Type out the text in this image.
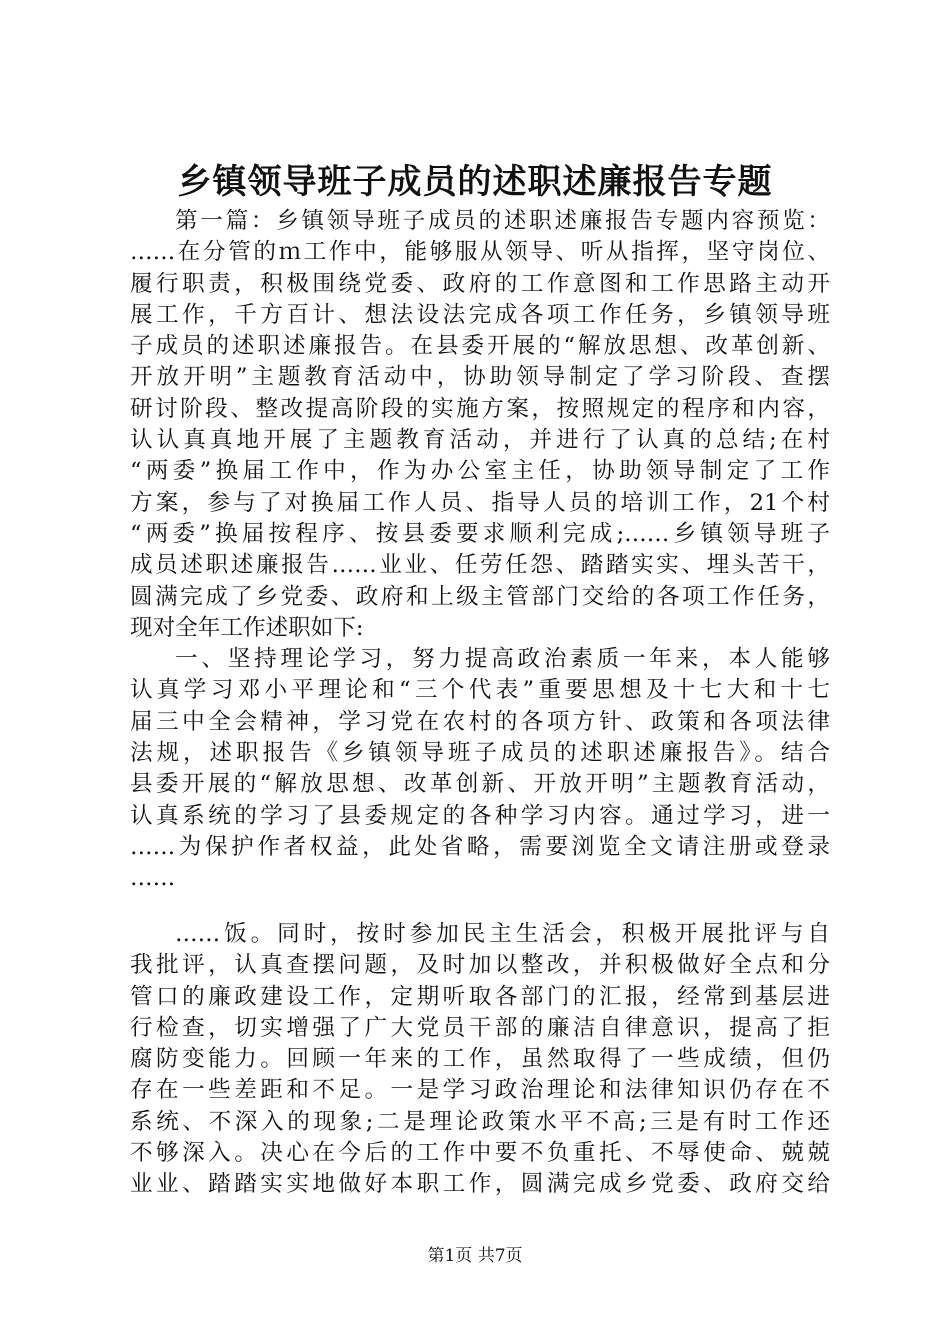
乡镇领导班子成员的述职述廉报告专题
第一篇：乡镇领导班子成员的述职述廉报告专题内容预览：
……在分管的ｍ工作中，能够服从领导、听从指挥，坚守岗位、
履行职责，积极围绕党委、政府的工作意图和工作思路主动开
展工作，千方百计、想法设法完成各项工作任务，乡镇领导班
子成员的述职述廉报告。在县委开展的“解放思想、改革创新、
开放开明”主题教育活动中，协助领导制定了学习阶段、查摆
研讨阶段、整改提高阶段的实施方案，按照规定的程序和内容，
认认真真地开展了主题教育活动，并进行了认真的总结;在村
“两委”换届工作中，作为办公室主任，协助领导制定了工作
方案，参与了对换届工作人员、指导人员的培训工作，21个村
“两委”换届按程序、按县委要求顺利完成;……乡镇领导班子
成员述职述廉报告……业业、任劳任怨、踏踏实实、埋头苦干，
圆满完成了乡党委、政府和上级主管部门交给的各项工作任务，
现对全年工作述职如下:
一、坚持理论学习，努力提高政治素质一年来，本人能够
认真学习邓小平理论和“三个代表”重要思想及十七大和十七
届三中全会精神，学习党在农村的各项方针、政策和各项法律
法规，述职报告《乡镇领导班子成员的述职述廉报告》。结合
县委开展的“解放思想、改革创新、开放开明”主题教育活动，
认真系统的学习了县委规定的各种学习内容。通过学习，进一
……为保护作者权益，此处省略，需要浏览全文请注册或登录
……
……饭。同时，按时参加民主生活会，积极开展批评与自
我批评，认真查摆问题，及时加以整改，并积极做好全点和分
管口的廉政建设工作，定期听取各部门的汇报，经常到基层进
行检查，切实增强了广大党员干部的廉洁自律意识，提高了拒
腐防变能力。回顾一年来的工作，虽然取得了一些成绩，但仍
存在一些差距和不足。一是学习政治理论和法律知识仍存在不
系统、不深入的现象;二是理论政策水平不高;三是有时工作还
不够深入。决心在今后的工作中要不负重托、不辱使命、兢兢
业业、踏踏实实地做好本职工作，圆满完成乡党委、政府交给
第1页 共7页
